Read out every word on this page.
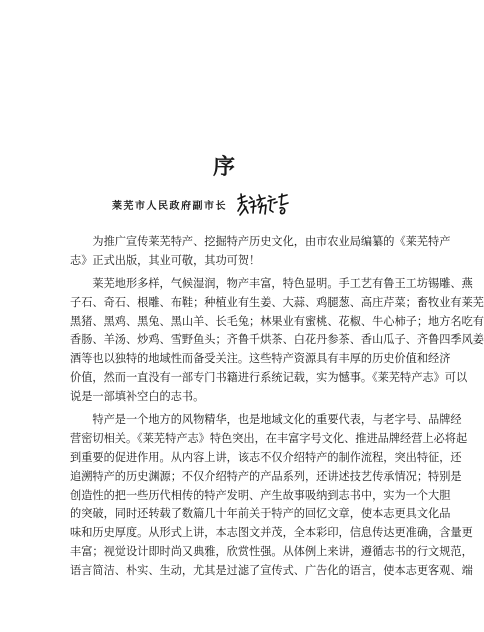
序
莱芜市人民政府副市长

　　为推广宣传莱芜特产、挖掘特产历史文化，由市农业局编纂的《莱芜特产
志》正式出版，其业可敬，其功可贺！

　　莱芜地形多样，气候湿润，物产丰富，特色显明。手工艺有鲁王工坊锡雕、燕
子石、奇石、根雕、布鞋；种植业有生姜、大蒜、鸡腿葱、高庄芹菜；畜牧业有莱芜
黑猪、黑鸡、黑兔、黑山羊、长毛兔；林果业有蜜桃、花椒、牛心柿子；地方名吃有
香肠、羊汤、炒鸡、雪野鱼头；齐鲁千烘茶、白花丹参茶、香山瓜子、齐鲁四季风姜
酒等也以独特的地域性而备受关注。这些特产资源具有丰厚的历史价值和经济
价值，然而一直没有一部专门书籍进行系统记载，实为憾事。《莱芜特产志》可以
说是一部填补空白的志书。

　　特产是一个地方的风物精华，也是地域文化的重要代表，与老字号、品牌经
营密切相关。《莱芜特产志》特色突出，在丰富字号文化、推进品牌经营上必将起
到重要的促进作用。从内容上讲，该志不仅介绍特产的制作流程，突出特征，还
追溯特产的历史渊源；不仅介绍特产的产品系列，还讲述技艺传承情况；特别是
创造性的把一些历代相传的特产发明、产生故事吸纳到志书中，实为一个大胆
的突破，同时还转载了数篇几十年前关于特产的回忆文章，使本志更具文化品
味和历史厚度。从形式上讲，本志图文并茂，全本彩印，信息传达更准确，含量更
丰富；视觉设计即时尚又典雅，欣赏性强。从体例上来讲，遵循志书的行文规范，
语言简洁、朴实、生动，尤其是过滤了宣传式、广告化的语言，使本志更客观、端
